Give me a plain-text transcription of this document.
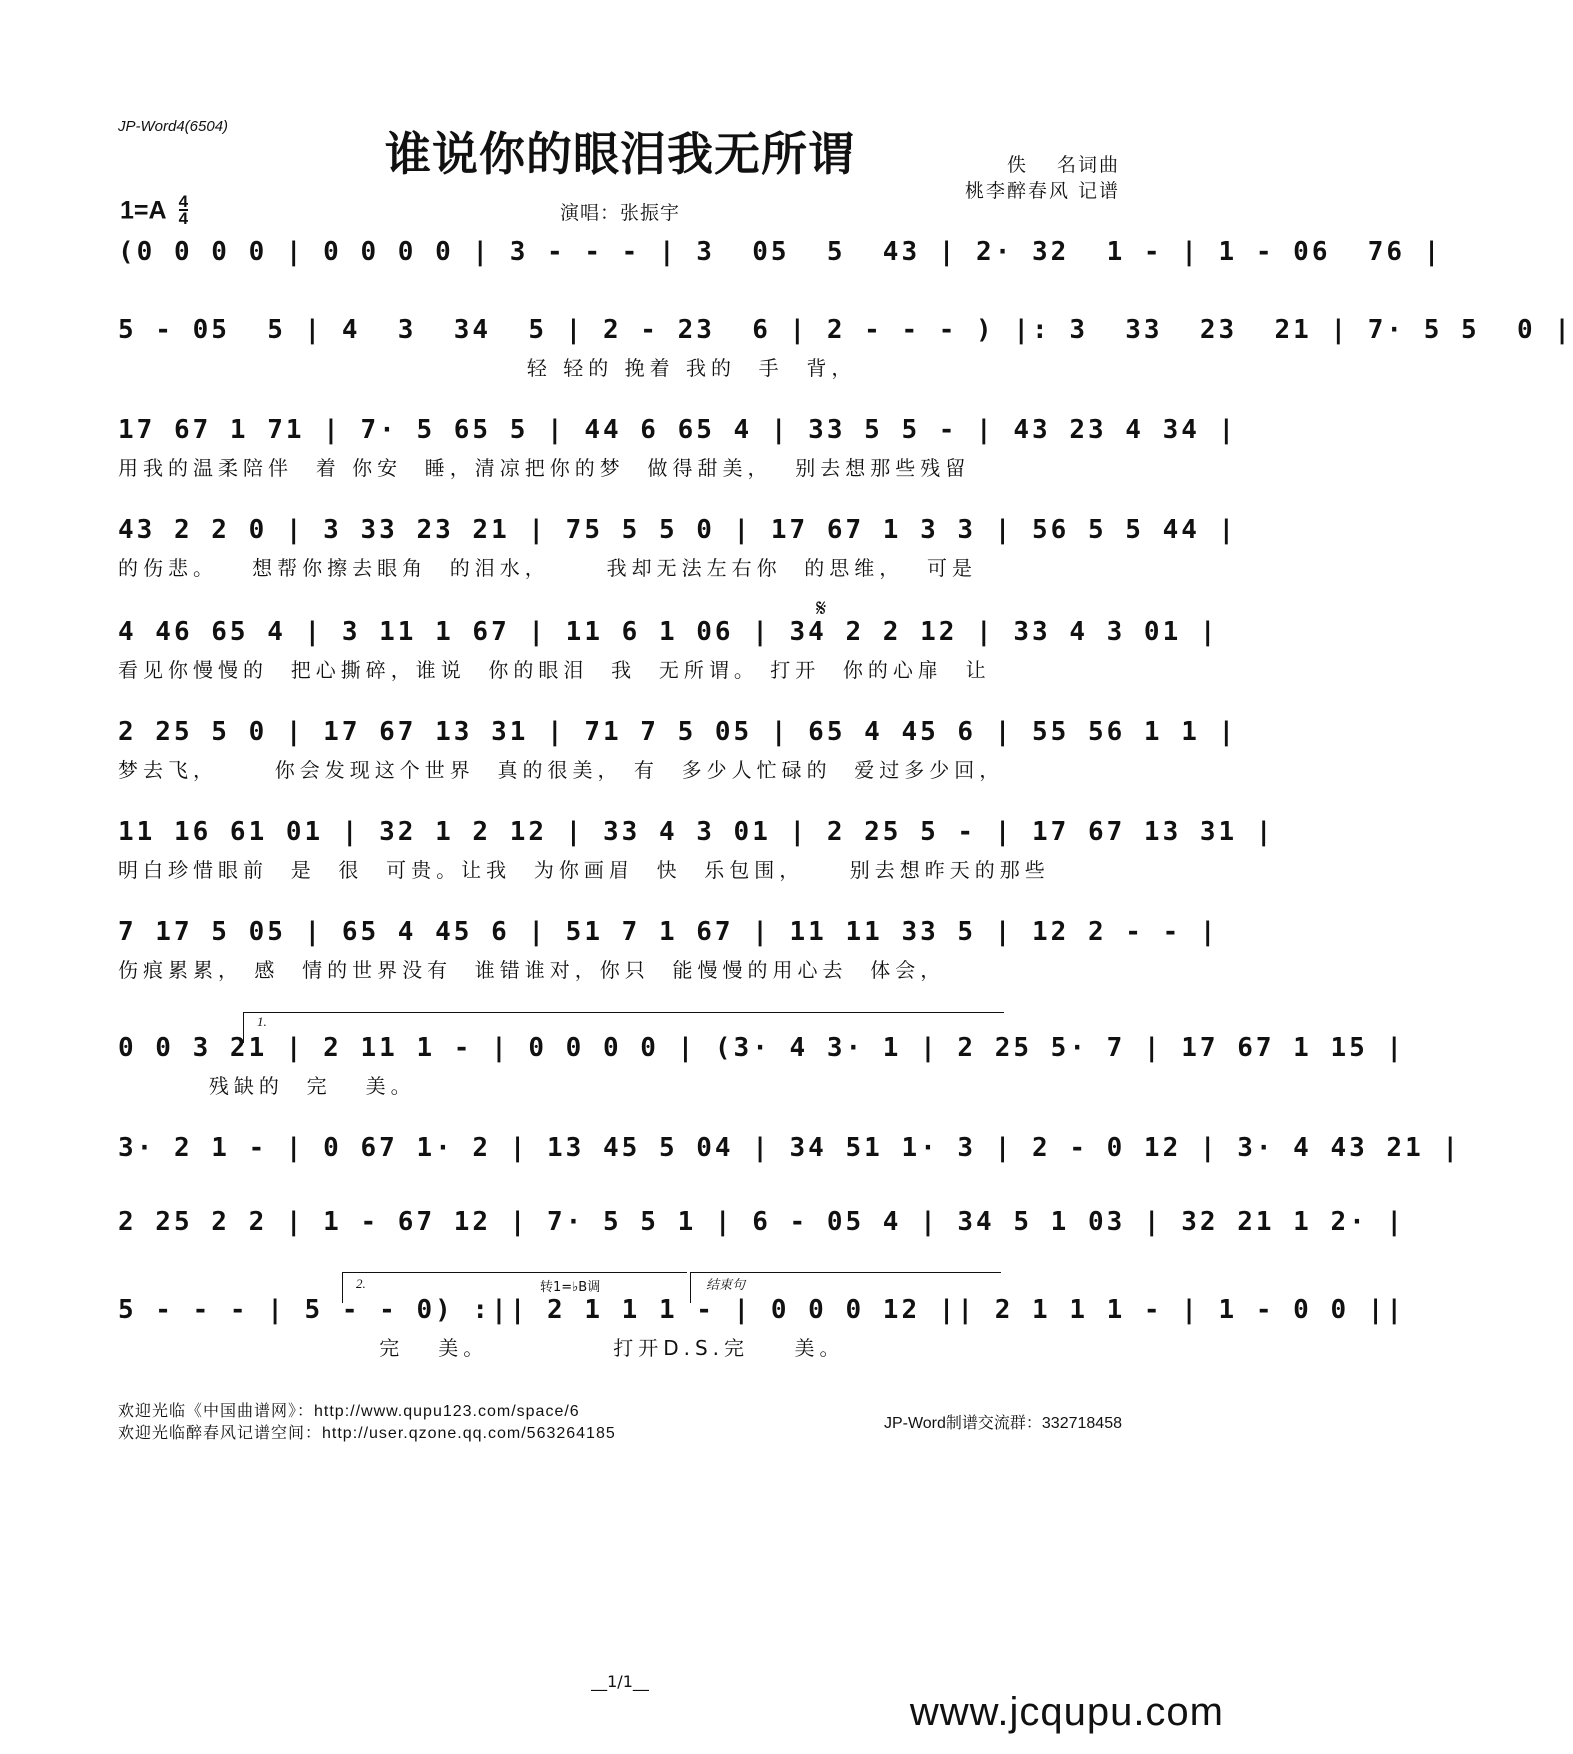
JP-Word4(6504)
谁说你的眼泪我无所谓	佚　 名词曲
桃李醉春风 记谱
$1=A \frac{4}{4}$	演唱：张振宇
(0 0 0 0 | 0 0 0 0 | 3 - - - | 3  05  5  43 | 2· 32  1 - | 1 - 06  76 |
5 - 05  5 | 4  3  34  5 | 2 - 23  6 | 2 - - - ) |: 3  33  23  21 | 7· 5 5  0 |
轻 轻的 挽着 我的  手  背，
17 67 1 71 | 7· 5 65 5 | 44 6 65 4 | 33 5 5 - | 43 23 4 34 |
用我的温柔陪伴  着 你安  睡，清凉把你的梦  做得甜美，  别去想那些残留
43 2 2 0 | 3 33 23 21 | 75 5 5 0 | 17 67 1 3 3 | 56 5 5 44 |
的伤悲。   想帮你擦去眼角  的泪水，     我却无法左右你  的思维，  可是
𝄋
4 46 65 4 | 3 11 1 67 | 11 6 1 06 | 34 2 2 12 | 33 4 3 01 |
看见你慢慢的  把心撕碎，谁说  你的眼泪  我  无所谓。 打开  你的心扉  让
2 25 5 0 | 17 67 13 31 | 71 7 5 05 | 65 4 45 6 | 55 56 1 1 |
梦去飞，     你会发现这个世界  真的很美， 有  多少人忙碌的  爱过多少回，
11 16 61 01 | 32 1 2 12 | 33 4 3 01 | 2 25 5 - | 17 67 13 31 |
明白珍惜眼前  是  很  可贵。让我  为你画眉  快  乐包围，    别去想昨天的那些
7 17 5 05 | 65 4 45 6 | 51 7 1 67 | 11 11 33 5 | 12 2 - - |
伤痕累累， 感  情的世界没有  谁错谁对，你只  能慢慢的用心去  体会，
1.
0 0 3 21 | 2 11 1 - | 0 0 0 0 | (3· 4 3· 1 | 2 25 5· 7 | 17 67 1 15 |
残缺的  完   美。
3· 2 1 - | 0 67 1· 2 | 13 45 5 04 | 34 51 1· 3 | 2 - 0 12 | 3· 4 43 21 |
2 25 2 2 | 1 - 67 12 | 7· 5 5 1 | 6 - 05 4 | 34 5 1 03 | 32 21 1 2· |
2.	转1=♭B调	结束句
5 - - - | 5 - - 0) :|| 2 1 1 1 - | 0 0 0 12 || 2 1 1 1 - | 1 - 0 0 ||
完   美。           打开D.S.完    美。
欢迎光临《中国曲谱网》：http://www.qupu123.com/space/6
欢迎光临醉春风记谱空间：http://user.qzone.qq.com/563264185
JP-Word制谱交流群：332718458
__1/1__
www.jcqupu.com
